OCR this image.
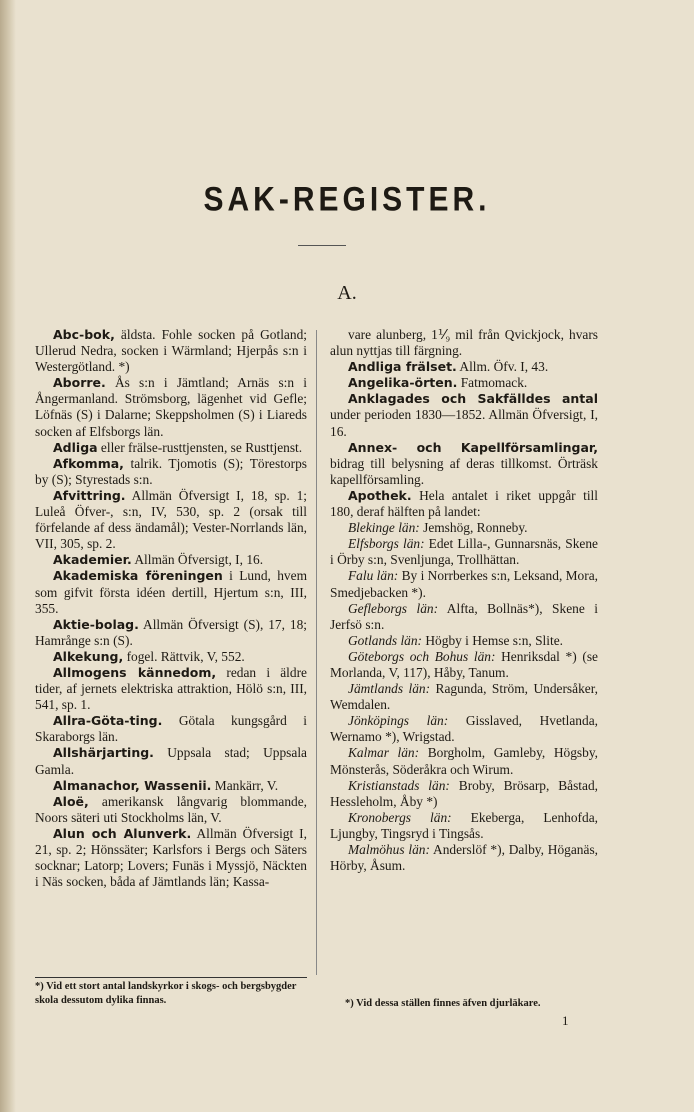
SAK-REGISTER.
A.

Abc-bok, äldsta. Fohle socken på Gotland; Ullerud Nedra, socken i Wärmland; Hjerpås s:n i Westergötland. *)

Aborre. Ås s:n i Jämtland; Arnäs s:n i Ångermanland. Strömsborg, lägenhet vid Gefle; Löfnäs (S) i Dalarne; Skeppsholmen (S) i Liareds socken af Elfsborgs län.

Adliga eller frälse-rusttjensten, se Rusttjenst.

Afkomma, talrik. Tjomotis (S); Törestorps by (S); Styrestads s:n.

Afvittring. Allmän Öfversigt I, 18, sp. 1; Luleå Öfver-, s:n, IV, 530, sp. 2 (orsak till förfelande af dess ändamål); Vester-Norrlands län, VII, 305, sp. 2.

Akademier. Allmän Öfversigt, I, 16.

Akademiska föreningen i Lund, hvem som gifvit första idéen dertill, Hjertum s:n, III, 355.

Aktie-bolag. Allmän Öfversigt (S), 17, 18; Hamrånge s:n (S).

Alkekung, fogel. Rättvik, V, 552.

Allmogens kännedom, redan i äldre tider, af jernets elektriska attraktion, Hölö s:n, III, 541, sp. 1.

Allra-Göta-ting. Götala kungsgård i Skaraborgs län.

Allshärjarting. Uppsala stad; Uppsala Gamla.

Almanachor, Wassenii. Mankärr, V.

Aloë, amerikansk långvarig blommande, Noors säteri uti Stockholms län, V.

Alun och Alunverk. Allmän Öfversigt I, 21, sp. 2; Hönssäter; Karlsfors i Bergs och Säters socknar; Latorp; Lovers; Funäs i Myssjö, Näckten i Näs socken, båda af Jämtlands län; Kassa-

vare alunberg, 1⅟₉ mil från Qvickjock, hvars alun nyttjas till färgning.

Andliga frälset. Allm. Öfv. I, 43.

Angelika-örten. Fatmomack.

Anklagades och Sakfälldes antal under perioden 1830—1852. Allmän Öfversigt, I, 16.

Annex- och Kapellförsamlingar, bidrag till belysning af deras tillkomst. Örträsk kapellförsamling.

Apothek. Hela antalet i riket uppgår till 180, deraf hälften på landet:

Blekinge län: Jemshög, Ronneby.

Elfsborgs län: Edet Lilla-, Gunnarsnäs, Skene i Örby s:n, Svenljunga, Trollhättan.

Falu län: By i Norrberkes s:n, Leksand, Mora, Smedjebacken *).

Gefleborgs län: Alfta, Bollnäs*), Skene i Jerfsö s:n.

Gotlands län: Högby i Hemse s:n, Slite.

Göteborgs och Bohus län: Henriksdal *) (se Morlanda, V, 117), Håby, Tanum.

Jämtlands län: Ragunda, Ström, Undersåker, Wemdalen.

Jönköpings län: Gisslaved, Hvetlanda, Wernamo *), Wrigstad.

Kalmar län: Borgholm, Gamleby, Högsby, Mönsterås, Söderåkra och Wirum.

Kristianstads län: Broby, Brösarp, Båstad, Hessleholm, Åby *)

Kronobergs län: Ekeberga, Lenhofda, Ljungby, Tingsryd i Tingsås.

Malmöhus län: Anderslöf *), Dalby, Höganäs, Hörby, Åsum.

*) Vid ett stort antal landskyrkor i skogs- och bergsbygder skola dessutom dylika finnas.	*) Vid dessa ställen finnes äfven djurläkare.
1
